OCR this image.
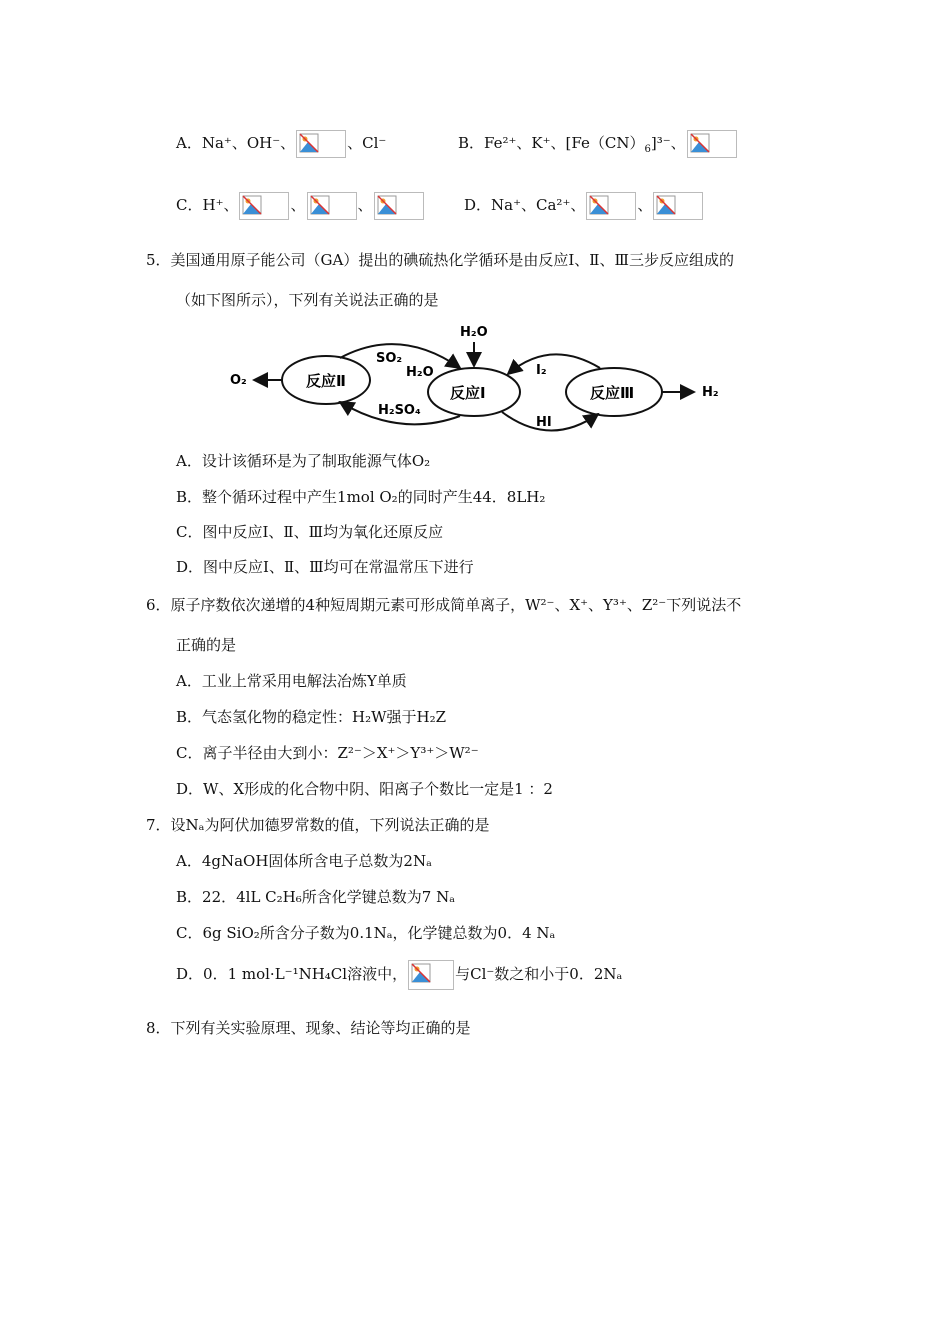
A．Na⁺、OH⁻、	、Cl⁻	B．Fe²⁺、K⁺、$[Fe(CN)_6]^{3-}$、
C．H⁺、	、	、	D．Na⁺、Ca²⁺、	、
5．美国通用原子能公司（GA）提出的碘硫热化学循环是由反应Ⅰ、Ⅱ、Ⅲ三步反应组成的
（如下图所示），下列有关说法正确的是
O₂	反应Ⅱ
SO₂
H₂O
H₂O
反应Ⅰ
I₂
反应Ⅲ	H₂
H₂SO₄
HI
A．设计该循环是为了制取能源气体O₂
B．整个循环过程中产生1mol O₂的同时产生44．8LH₂
C．图中反应Ⅰ、Ⅱ、Ⅲ均为氧化还原反应
D．图中反应Ⅰ、Ⅱ、Ⅲ均可在常温常压下进行
6．原子序数依次递增的4种短周期元素可形成简单离子，W²⁻、X⁺、Y³⁺、Z²⁻下列说法不
正确的是
A．工业上常采用电解法冶炼Y单质
B．气态氢化物的稳定性：H₂W强于H₂Z
C．离子半径由大到小：Z²⁻＞X⁺＞Y³⁺＞W²⁻
D．W、X形成的化合物中阴、阳离子个数比一定是1 ：2
7．设Nₐ为阿伏加德罗常数的值，下列说法正确的是
A．4gNaOH固体所含电子总数为2Nₐ
B．22．4lL C₂H₆所含化学键总数为7 Nₐ
C．6g SiO₂所含分子数为0.1Nₐ，化学键总数为0．4 Nₐ
D．0．1 mol·L⁻¹NH₄Cl溶液中，	与Cl⁻数之和小于0．2Nₐ
8．下列有关实验原理、现象、结论等均正确的是
